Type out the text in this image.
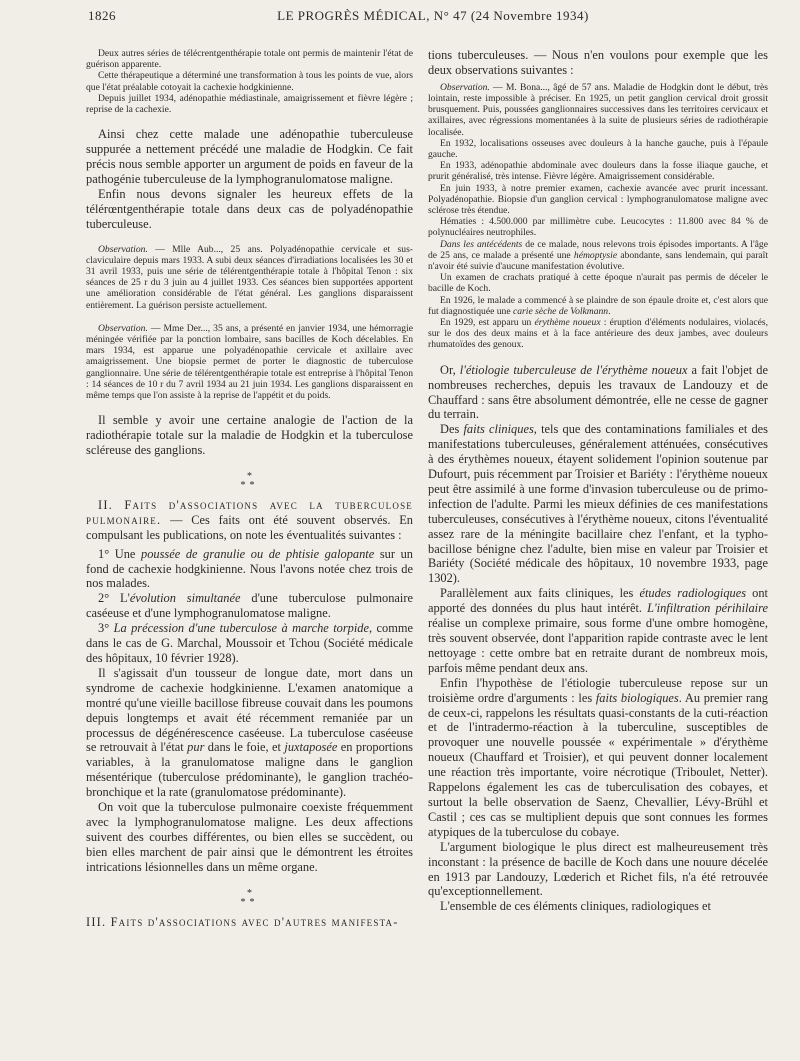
1826	LE PROGRÈS MÉDICAL, N° 47 (24 Novembre 1934)

Deux autres séries de télécrentgenthérapie totale ont permis de maintenir l'état de guérison apparente.

Cette thérapeutique a déterminé une transformation à tous les points de vue, alors que l'état préalable cotoyait la cachexie hodgkinienne.

Depuis juillet 1934, adénopathie médiastinale, amaigrissement et fièvre légère ; reprise de la cachexie.

Ainsi chez cette malade une adénopathie tuberculeuse suppurée a nettement précédé une maladie de Hodgkin. Ce fait précis nous semble apporter un argument de poids en faveur de la pathogénie tuberculeuse de la lymphogranulomatose maligne.

Enfin nous devons signaler les heureux effets de la télérœntgenthérapie totale dans deux cas de polyadénopathie tuberculeuse.

Observation. — Mlle Aub..., 25 ans. Polyadénopathie cervicale et sus-claviculaire depuis mars 1933. A subi deux séances d'irradiations localisées les 30 et 31 avril 1933, puis une série de télérentgenthérapie totale à l'hôpital Tenon : six séances de 25 r du 3 juin au 4 juillet 1933. Ces séances bien supportées apportent une amélioration considérable de l'état général. Les ganglions disparaissent entièrement. La guérison persiste actuellement.

Observation. — Mme Der..., 35 ans, a présenté en janvier 1934, une hémorragie méningée vérifiée par la ponction lombaire, sans bacilles de Koch décelables. En mars 1934, est apparue une polyadénopathie cervicale et axillaire avec amaigrissement. Une biopsie permet de porter le diagnostic de tuberculose ganglionnaire. Une série de télérentgenthérapie totale est entreprise à l'hôpital Tenon : 14 séances de 10 r du 7 avril 1934 au 21 juin 1934. Les ganglions disparaissent en même temps que l'on assiste à la reprise de l'appétit et du poids.

Il semble y avoir une certaine analogie de l'action de la radiothérapie totale sur la maladie de Hodgkin et la tuberculose scléreuse des ganglions.

*
**

II. Faits d'associations avec la tuberculose pulmonaire. — Ces faits ont été souvent observés. En compulsant les publications, on note les éventualités suivantes :

1° Une poussée de granulie ou de phtisie galopante sur un fond de cachexie hodgkinienne. Nous l'avons notée chez trois de nos malades.

2° L'évolution simultanée d'une tuberculose pulmonaire caséeuse et d'une lymphogranulomatose maligne.

3° La précession d'une tuberculose à marche torpide, comme dans le cas de G. Marchal, Moussoir et Tchou (Société médicale des hôpitaux, 10 février 1928).

Il s'agissait d'un tousseur de longue date, mort dans un syndrome de cachexie hodgkinienne. L'examen anatomique a montré qu'une vieille bacillose fibreuse couvait dans les poumons depuis longtemps et avait été récemment remaniée par un processus de dégénérescence caséeuse. La tuberculose caséeuse se retrouvait à l'état pur dans le foie, et juxtaposée en proportions variables, à la granulomatose maligne dans le ganglion mésentérique (tuberculose prédominante), le ganglion trachéo-bronchique et la rate (granulomatose prédominante).

On voit que la tuberculose pulmonaire coexiste fréquemment avec la lymphogranulomatose maligne. Les deux affections suivent des courbes différentes, ou bien elles se succèdent, ou bien elles marchent de pair ainsi que le démontrent les étroites intrications lésionnelles dans un même organe.

*
**

III. Faits d'associations avec d'autres manifesta-

tions tuberculeuses. — Nous n'en voulons pour exemple que les deux observations suivantes :

Observation. — M. Bona..., âgé de 57 ans. Maladie de Hodgkin dont le début, très lointain, reste impossible à préciser. En 1925, un petit ganglion cervical droit grossit brusquement. Puis, poussées ganglionnaires successives dans les territoires cervicaux et axillaires, avec régressions momentanées à la suite de plusieurs séries de radiothérapie localisée.

En 1932, localisations osseuses avec douleurs à la hanche gauche, puis à l'épaule gauche.

En 1933, adénopathie abdominale avec douleurs dans la fosse iliaque gauche, et prurit généralisé, très intense. Fièvre légère. Amaigrissement considérable.

En juin 1933, à notre premier examen, cachexie avancée avec prurit incessant. Polyadénopathie. Biopsie d'un ganglion cervical : lymphogranulomatose maligne avec sclérose très étendue.

Hématies : 4.500.000 par millimètre cube. Leucocytes : 11.800 avec 84 % de polynucléaires neutrophiles.

Dans les antécédents de ce malade, nous relevons trois épisodes importants. A l'âge de 25 ans, ce malade a présenté une hémoptysie abondante, sans lendemain, qui paraît n'avoir été suivie d'aucune manifestation évolutive.

Un examen de crachats pratiqué à cette époque n'aurait pas permis de déceler le bacille de Koch.

En 1926, le malade a commencé à se plaindre de son épaule droite et, c'est alors que fut diagnostiquée une carie sèche de Volkmann.

En 1929, est apparu un érythème noueux : éruption d'éléments nodulaires, violacés, sur le dos des deux mains et à la face antérieure des deux jambes, avec douleurs rhumatoïdes des genoux.

Or, l'étiologie tuberculeuse de l'érythème noueux a fait l'objet de nombreuses recherches, depuis les travaux de Landouzy et de Chauffard : sans être absolument démontrée, elle ne cesse de gagner du terrain.

Des faits cliniques, tels que des contaminations familiales et des manifestations tuberculeuses, généralement atténuées, consécutives à des érythèmes noueux, étayent solidement l'opinion soutenue par Dufourt, puis récemment par Troisier et Bariéty : l'érythème noueux peut être assimilé à une forme d'invasion tuberculeuse ou de primo-infection de l'adulte. Parmi les mieux définies de ces manifestations tuberculeuses, consécutives à l'érythème noueux, citons l'éventualité assez rare de la méningite bacillaire chez l'enfant, et la typho-bacillose bénigne chez l'adulte, bien mise en valeur par Troisier et Bariéty (Société médicale des hôpitaux, 10 novembre 1933, page 1302).

Parallèlement aux faits cliniques, les études radiologiques ont apporté des données du plus haut intérêt. L'infiltration périhilaire réalise un complexe primaire, sous forme d'une ombre homogène, très souvent observée, dont l'apparition rapide contraste avec le lent nettoyage : cette ombre bat en retraite durant de nombreux mois, parfois même pendant deux ans.

Enfin l'hypothèse de l'étiologie tuberculeuse repose sur un troisième ordre d'arguments : les faits biologiques. Au premier rang de ceux-ci, rappelons les résultats quasi-constants de la cuti-réaction et de l'intradermo-réaction à la tuberculine, susceptibles de provoquer une nouvelle poussée « expérimentale » d'érythème noueux (Chauffard et Troisier), et qui peuvent donner localement une réaction très importante, voire nécrotique (Triboulet, Netter). Rappelons également les cas de tuberculisation des cobayes, et surtout la belle observation de Saenz, Chevallier, Lévy-Brühl et Castil ; ces cas se multiplient depuis que sont connues les formes atypiques de la tuberculose du cobaye.

L'argument biologique le plus direct est malheureusement très inconstant : la présence de bacille de Koch dans une nouure décelée en 1913 par Landouzy, Lœderich et Richet fils, n'a été retrouvée qu'exceptionnellement.

L'ensemble de ces éléments cliniques, radiologiques et
